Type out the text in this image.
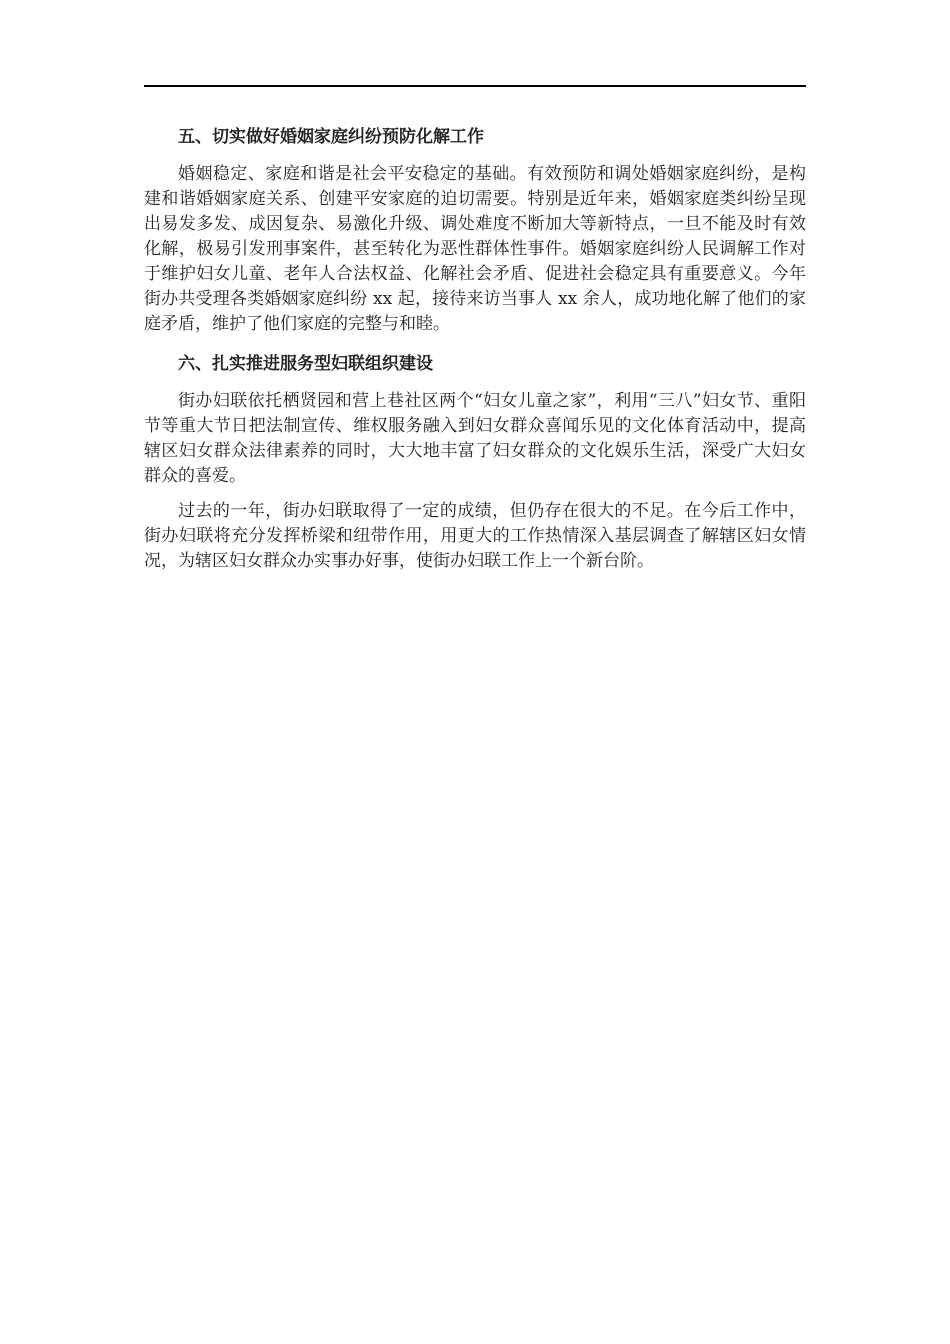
五、切实做好婚姻家庭纠纷预防化解工作

婚姻稳定、家庭和谐是社会平安稳定的基础。有效预防和调处婚姻家庭纠纷，是构建和谐婚姻家庭关系、创建平安家庭的迫切需要。特别是近年来，婚姻家庭类纠纷呈现出易发多发、成因复杂、易激化升级、调处难度不断加大等新特点，一旦不能及时有效化解，极易引发刑事案件，甚至转化为恶性群体性事件。婚姻家庭纠纷人民调解工作对于维护妇女儿童、老年人合法权益、化解社会矛盾、促进社会稳定具有重要意义。今年街办共受理各类婚姻家庭纠纷 xx 起，接待来访当事人 xx 余人，成功地化解了他们的家庭矛盾，维护了他们家庭的完整与和睦。

六、扎实推进服务型妇联组织建设

街办妇联依托栖贤园和营上巷社区两个“妇女儿童之家”，利用“三八”妇女节、重阳节等重大节日把法制宣传、维权服务融入到妇女群众喜闻乐见的文化体育活动中，提高辖区妇女群众法律素养的同时，大大地丰富了妇女群众的文化娱乐生活，深受广大妇女群众的喜爱。

过去的一年，街办妇联取得了一定的成绩，但仍存在很大的不足。在今后工作中，街办妇联将充分发挥桥梁和纽带作用，用更大的工作热情深入基层调查了解辖区妇女情况，为辖区妇女群众办实事办好事，使街办妇联工作上一个新台阶。
